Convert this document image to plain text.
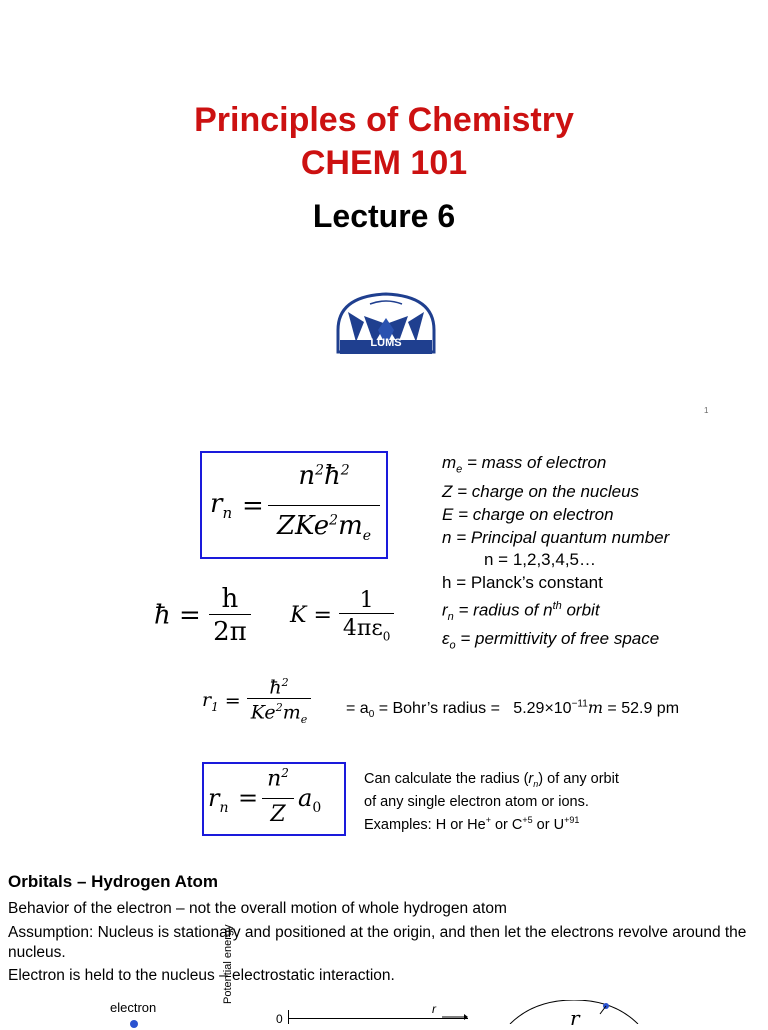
Principles of Chemistry
CHEM 101
Lecture 6
LUMS
1
$r_n$ =
$n^2ħ^2$
$ZKe^2m_e$
ħ = $\frac{h}{2\pi}$ $K = \frac{1}{4\pi\varepsilon_0}$
$m_e$ = mass of electron
Z = charge on the nucleus
E = charge on electron
n = Principal quantum number
n = 1,2,3,4,5…
h = Planck’s constant
$r_n$ = radius of $n^{th}$ orbit
$\varepsilon_o$ = permittivity of free space
$r_1 = \frac{ħ^2}{Ke^2m_e} = a_0$ = Bohr’s radius = $5.29\times 10^{-11}m = 52.9$ pm
$r_n$ =
$n^2$
Z
$a_0$
Can calculate the radius $(r_n)$ of any orbit
of any single electron atom or ions.
Examples: H or He+ or $C^{+5}$ or $U^{+91}$
Orbitals – Hydrogen Atom
Behavior of the electron – not the overall motion of whole hydrogen atom
Assumption: Nucleus is stationary and positioned at the origin, and then let the electrons revolve around the nucleus.
Electron is held to the nucleus – electrostatic interaction.
electron
Potential energy
0
r	r
